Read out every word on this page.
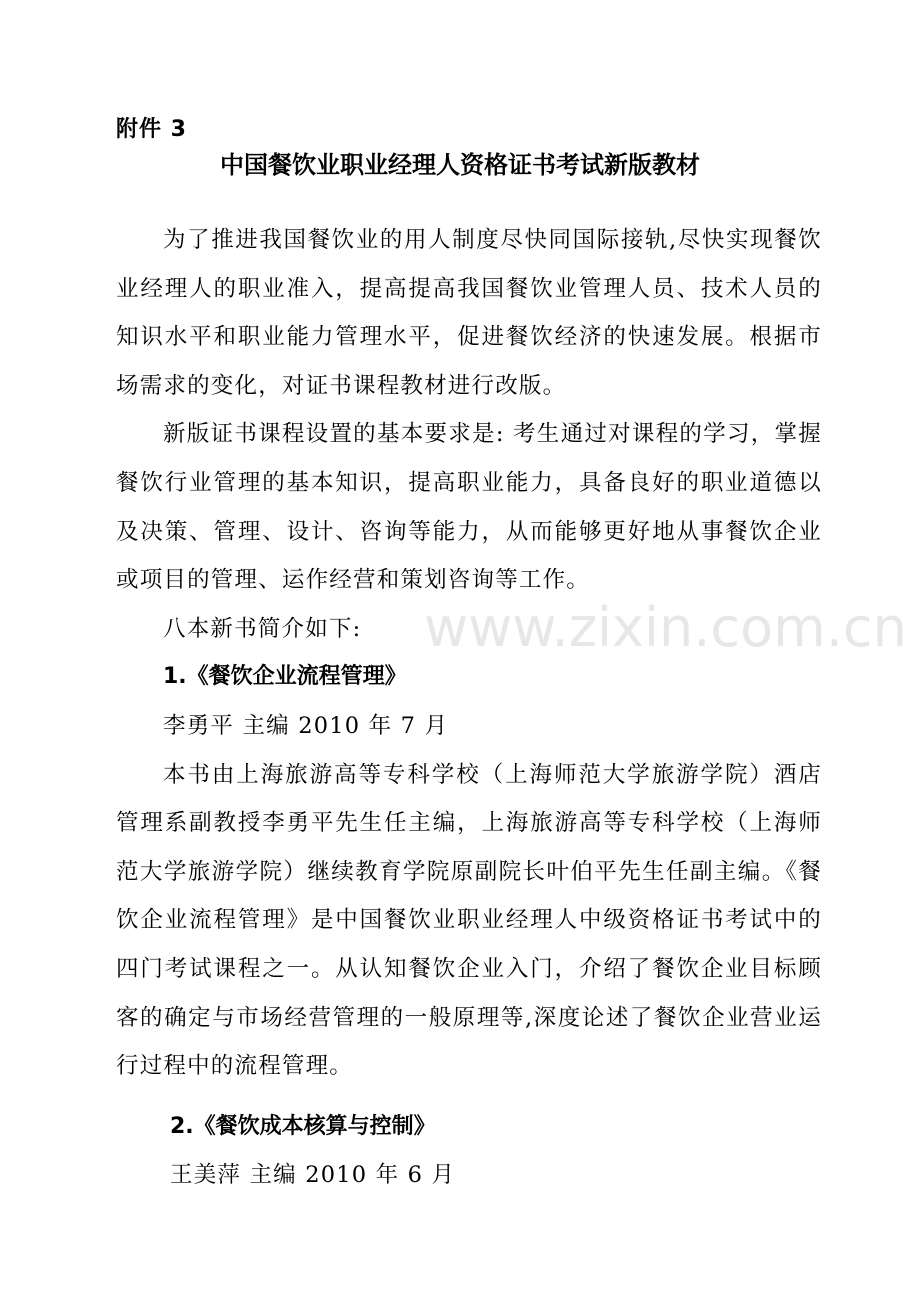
www.zixin.com.cn
附件 3
中国餐饮业职业经理人资格证书考试新版教材

为了推进我国餐饮业的用人制度尽快同国际接轨,尽快实现餐饮业经理人的职业准入，提高提高我国餐饮业管理人员、技术人员的知识水平和职业能力管理水平，促进餐饮经济的快速发展。根据市场需求的变化，对证书课程教材进行改版。

新版证书课程设置的基本要求是: 考生通过对课程的学习，掌握餐饮行业管理的基本知识，提高职业能力，具备良好的职业道德以及决策、管理、设计、咨询等能力，从而能够更好地从事餐饮企业或项目的管理、运作经营和策划咨询等工作。

八本新书简介如下:

1.《餐饮企业流程管理》

李勇平 主编 2010 年 7 月

本书由上海旅游高等专科学校（上海师范大学旅游学院）酒店管理系副教授李勇平先生任主编，上海旅游高等专科学校（上海师范大学旅游学院）继续教育学院原副院长叶伯平先生任副主编。《餐饮企业流程管理》是中国餐饮业职业经理人中级资格证书考试中的四门考试课程之一。从认知餐饮企业入门，介绍了餐饮企业目标顾客的确定与市场经营管理的一般原理等,深度论述了餐饮企业营业运行过程中的流程管理。

2.《餐饮成本核算与控制》

王美萍 主编 2010 年 6 月
